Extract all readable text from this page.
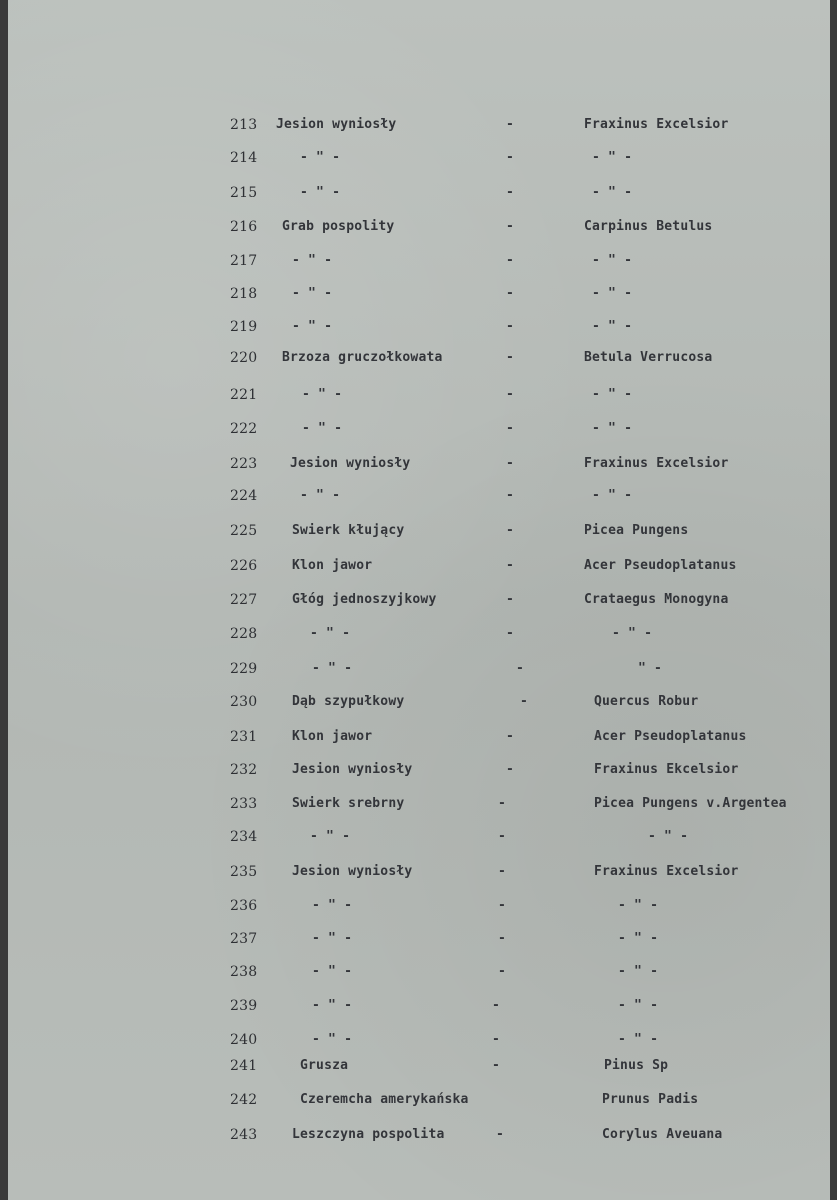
213 Jesion wyniosły	-	Fraxinus Excelsior
214	- " -	-	- " -
215	- " -	-	- " -
216 Grab pospolity	-	Carpinus Betulus
217	- " -	-	- " -
218	- " -	-	- " -
219	- " -	-	- " -
220 Brzoza gruczołkowata	-	Betula Verrucosa
221	- " -	-	- " -
222	- " -	-	- " -
223	Jesion wyniosły	-	Fraxinus Excelsior
224	- " -	-	- " -
225	Swierk kłujący	-	Picea Pungens
226	Klon jawor	-	Acer Pseudoplatanus
227	Głóg jednoszyjkowy	-	Crataegus Monogyna
228	- " -	-	- " -
229	- " -	-	" -
230	Dąb szypułkowy	-	Quercus Robur
231	Klon jawor	-	Acer Pseudoplatanus
232	Jesion wyniosły	-	Fraxinus Ekcelsior
233	Swierk srebrny	-	Picea Pungens v.Argentea
234	- " -	-	- " -
235	Jesion wyniosły	-	Fraxinus Excelsior
236	- " -	-	- " -
237	- " -	-	- " -
238	- " -	-	- " -
239	- " -	-	- " -
240	- " -	-	- " -
241	Grusza	-	Pinus Sp
242	Czeremcha amerykańska	Prunus Padis
243	Leszczyna pospolita	-	Corylus Aveuana
